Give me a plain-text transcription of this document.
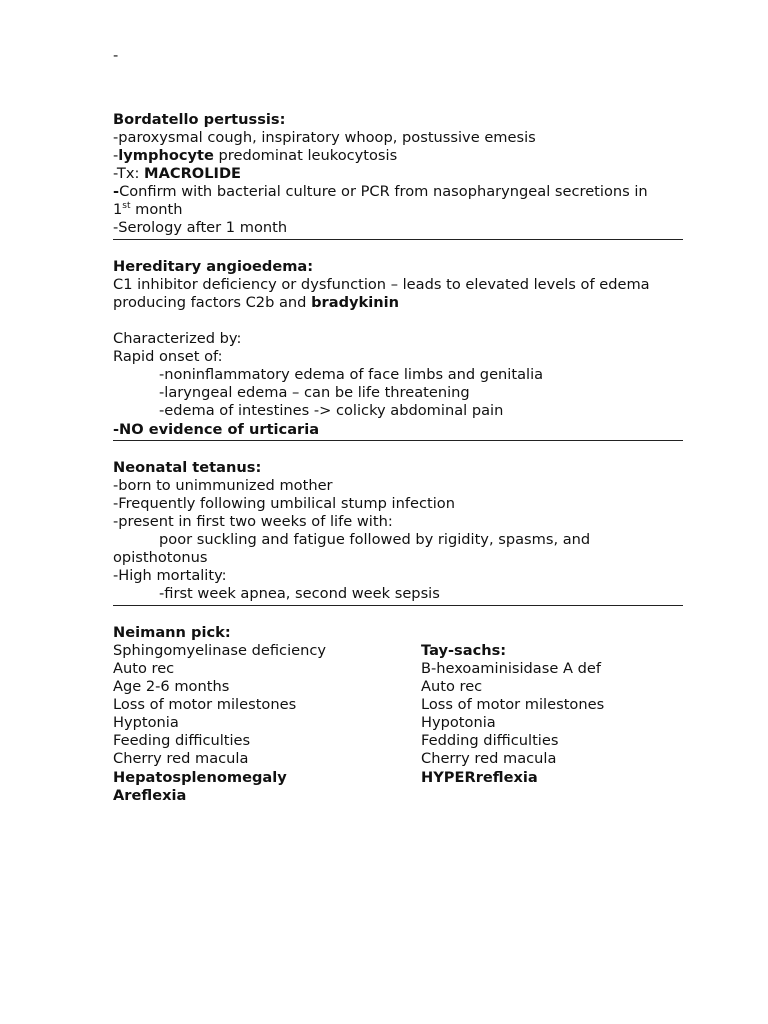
-
Bordatello pertussis:
-paroxysmal cough, inspiratory whoop, postussive emesis
-lymphocyte predominat leukocytosis
-Tx: MACROLIDE
-Confirm with bacterial culture or PCR from nasopharyngeal secretions in
1st month
-Serology after 1 month
Hereditary angioedema:
C1 inhibitor deficiency or dysfunction – leads to elevated levels of edema
producing factors C2b and bradykinin
Characterized by:
Rapid onset of:
-noninflammatory edema of face limbs and genitalia
-laryngeal edema – can be life threatening
-edema of intestines -> colicky abdominal pain
-NO evidence of urticaria
Neonatal tetanus:
-born to unimmunized mother
-Frequently following umbilical stump infection
-present in first two weeks of life with:
poor suckling and fatigue followed by rigidity, spasms, and
opisthotonus
-High mortality:
-first week apnea, second week sepsis
Neimann pick:
Sphingomyelinase deficiency
Auto rec
Age 2-6 months
Loss of motor milestones
Hyptonia
Feeding difficulties
Cherry red macula
Hepatosplenomegaly
Areflexia
Tay-sachs:
B-hexoaminisidase A def
Auto rec
Loss of motor milestones
Hypotonia
Fedding difficulties
Cherry red macula
HYPERreflexia
